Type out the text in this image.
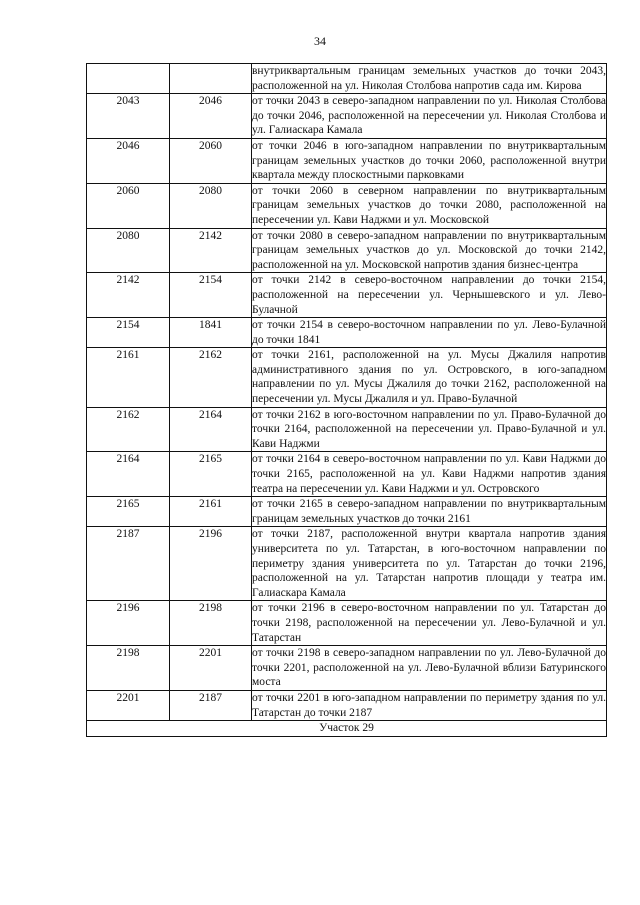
34
		внутриквартальным границам земельных участков до точки 2043, расположенной на ул. Николая Столбова напротив сада им. Кирова
2043	2046	от точки 2043 в северо-западном направлении по ул. Николая Столбова до точки 2046, расположенной на пересечении ул. Николая Столбова и ул. Галиаскара Камала
2046	2060	от точки 2046 в юго-западном направлении по внутриквартальным границам земельных участков до точки 2060, расположенной внутри квартала между плоскостными парковками
2060	2080	от точки 2060 в северном направлении по внутриквартальным границам земельных участков до точки 2080, расположенной на пересечении ул. Кави Наджми и ул. Московской
2080	2142	от точки 2080 в северо-западном направлении по внутриквартальным границам земельных участков до ул. Московской до точки 2142, расположенной на ул. Московской напротив здания бизнес-центра
2142	2154	от точки 2142 в северо-восточном направлении до точки 2154, расположенной на пересечении ул. Чернышевского и ул. Лево-Булачной
2154	1841	от точки 2154 в северо-восточном направлении по ул. Лево-Булачной до точки 1841
2161	2162	от точки 2161, расположенной на ул. Мусы Джалиля напротив административного здания по ул. Островского, в юго-западном направлении по ул. Мусы Джалиля до точки 2162, расположенной на пересечении ул. Мусы Джалиля и ул. Право-Булачной
2162	2164	от точки 2162 в юго-восточном направлении по ул. Право-Булачной до точки 2164, расположенной на пересечении ул. Право-Булачной и ул. Кави Наджми
2164	2165	от точки 2164 в северо-восточном направлении по ул. Кави Наджми до точки 2165, расположенной на ул. Кави Наджми напротив здания театра на пересечении ул. Кави Наджми и ул. Островского
2165	2161	от точки 2165 в северо-западном направлении по внутриквартальным границам земельных участков до точки 2161
2187	2196	от точки 2187, расположенной внутри квартала напротив здания университета по ул. Татарстан, в юго-восточном направлении по периметру здания университета по ул. Татарстан до точки 2196, расположенной на ул. Татарстан напротив площади у театра им. Галиаскара Камала
2196	2198	от точки 2196 в северо-восточном направлении по ул. Татарстан до точки 2198, расположенной на пересечении ул. Лево-Булачной и ул. Татарстан
2198	2201	от точки 2198 в северо-западном направлении по ул. Лево-Булачной до точки 2201, расположенной на ул. Лево-Булачной вблизи Батуринского моста
2201	2187	от точки 2201 в юго-западном направлении по периметру здания по ул. Татарстан до точки 2187
Участок 29		
